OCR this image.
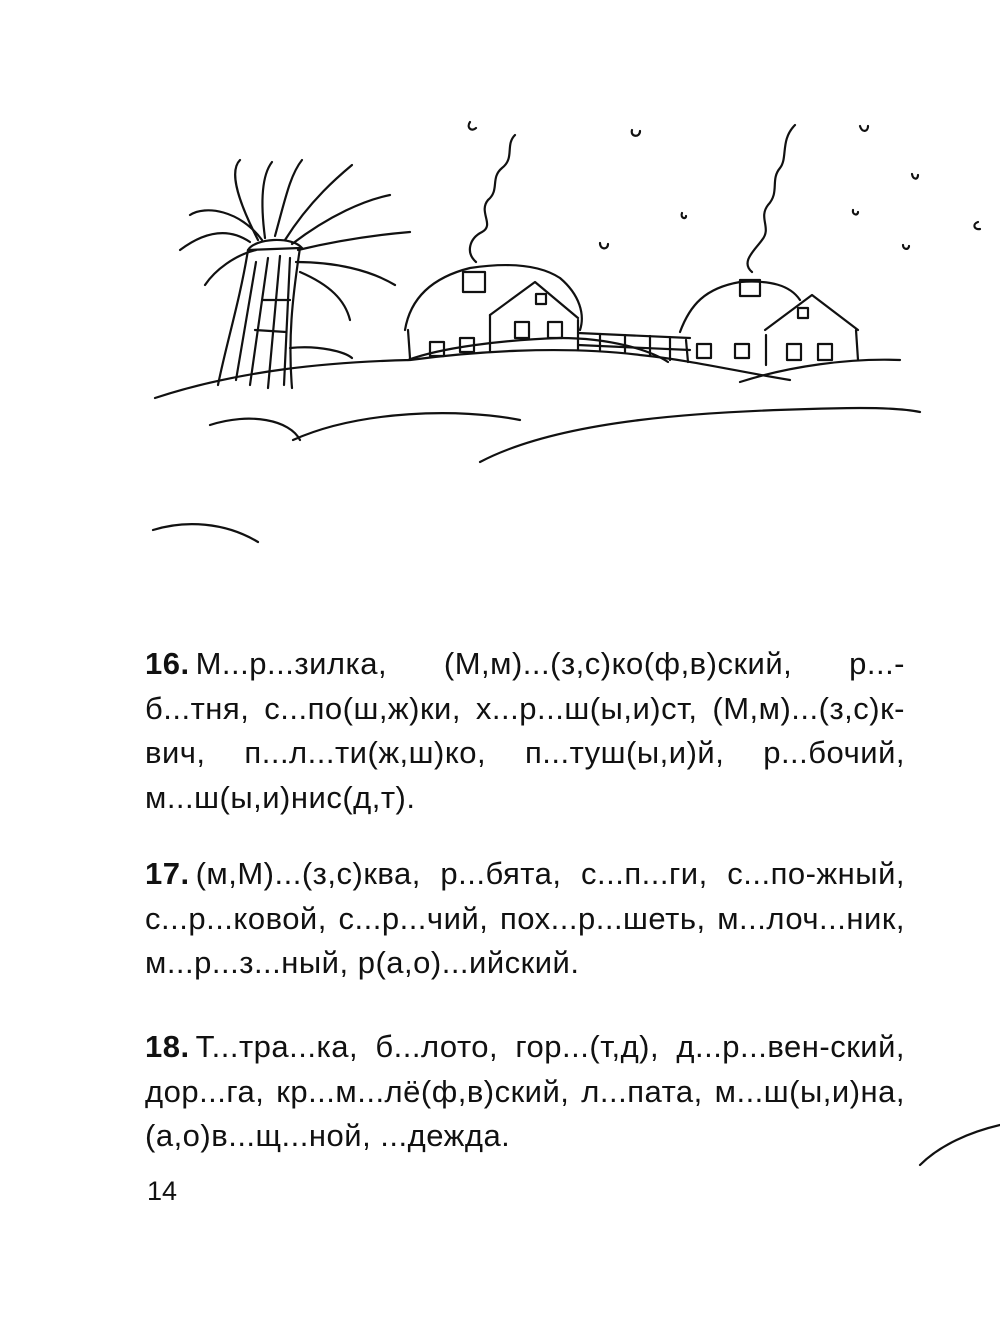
16. М...р...зилка, (М,м)...(з,с)ко(ф,в)ский, р...-б...тня, с...по(ш,ж)ки, х...р...ш(ы,и)ст, (М,м)...(з,с)к-вич, п...л...ти(ж,ш)ко, п...туш(ы,и)й, р...бочий, м...ш(ы,и)нис(д,т).
17. (м,М)...(з,с)ква, р...бята, с...п...ги, с...по-жный, с...р...ковой, с...р...чий, пох...р...шеть, м...лоч...ник, м...р...з...ный, р(а,о)...ийский.
18. Т...тра...ка, б...лото, гор...(т,д), д...р...вен-ский, дор...га, кр...м...лё(ф,в)ский, л...пата, м...ш(ы,и)на, (а,о)в...щ...ной, ...дежда.
14
